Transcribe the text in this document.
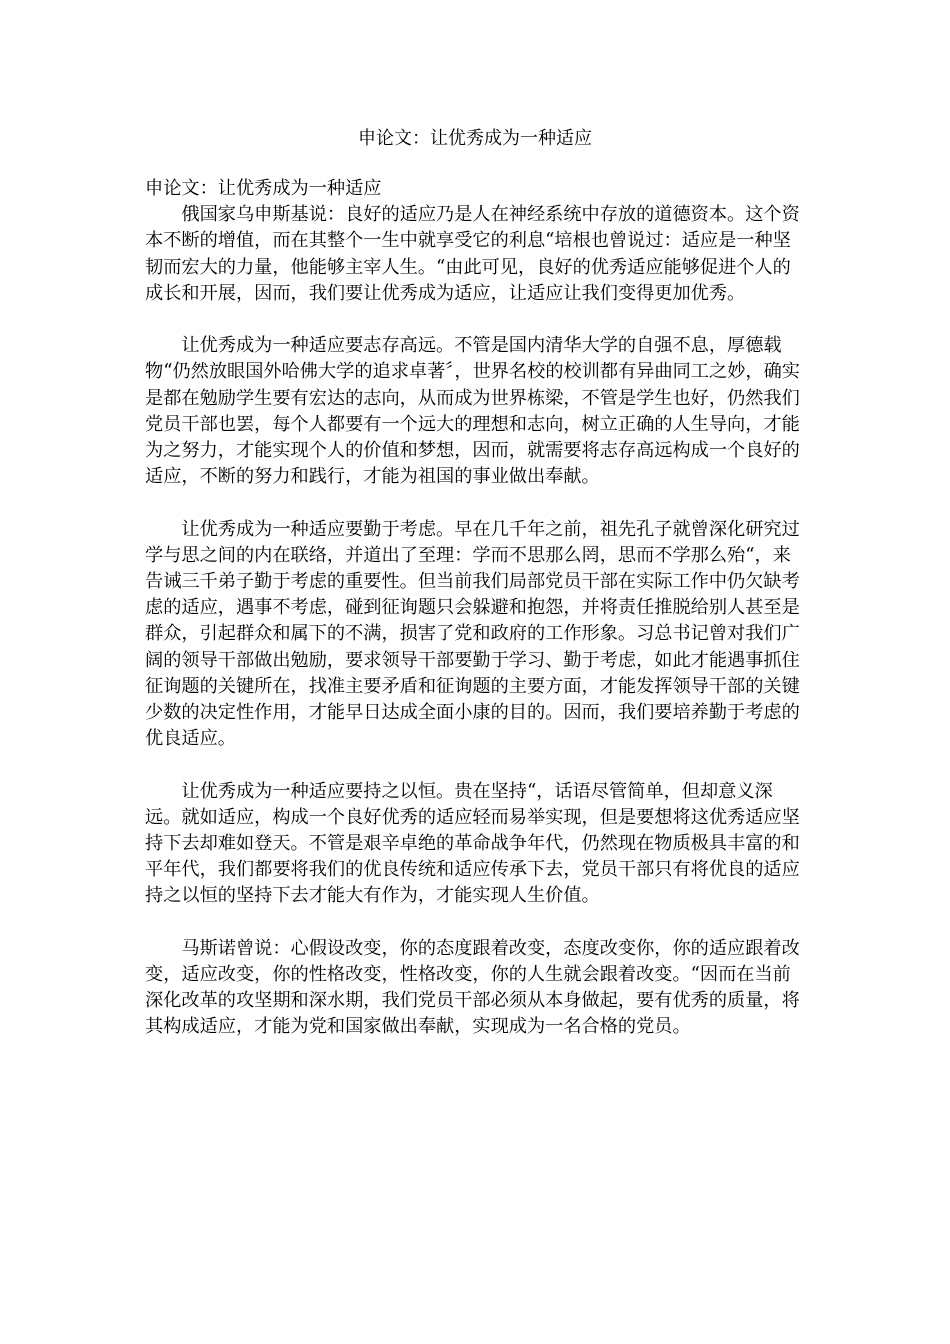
申论文：让优秀成为一种适应

申论文：让优秀成为一种适应

俄国家乌申斯基说：良好的适应乃是人在神经系统中存放的道德资本。这个资本不断的增值，而在其整个一生中就享受它的利息“培根也曾说过：适应是一种坚韧而宏大的力量，他能够主宰人生。“由此可见，良好的优秀适应能够促进个人的成长和开展，因而，我们要让优秀成为适应，让适应让我们变得更加优秀。

让优秀成为一种适应要志存高远。不管是国内清华大学的自强不息，厚德载物“仍然放眼国外哈佛大学的追求卓著〞，世界名校的校训都有异曲同工之妙，确实是都在勉励学生要有宏达的志向，从而成为世界栋梁，不管是学生也好，仍然我们党员干部也罢，每个人都要有一个远大的理想和志向，树立正确的人生导向，才能为之努力，才能实现个人的价值和梦想，因而，就需要将志存高远构成一个良好的适应，不断的努力和践行，才能为祖国的事业做出奉献。

让优秀成为一种适应要勤于考虑。早在几千年之前，祖先孔子就曾深化研究过学与思之间的内在联络，并道出了至理：学而不思那么罔，思而不学那么殆“，来告诫三千弟子勤于考虑的重要性。但当前我们局部党员干部在实际工作中仍欠缺考虑的适应，遇事不考虑，碰到征询题只会躲避和抱怨，并将责任推脱给别人甚至是群众，引起群众和属下的不满，损害了党和政府的工作形象。习总书记曾对我们广阔的领导干部做出勉励，要求领导干部要勤于学习、勤于考虑，如此才能遇事抓住征询题的关键所在，找准主要矛盾和征询题的主要方面，才能发挥领导干部的关键少数的决定性作用，才能早日达成全面小康的目的。因而，我们要培养勤于考虑的优良适应。

让优秀成为一种适应要持之以恒。贵在坚持“，话语尽管简单，但却意义深远。就如适应，构成一个良好优秀的适应轻而易举实现，但是要想将这优秀适应坚持下去却难如登天。不管是艰辛卓绝的革命战争年代，仍然现在物质极具丰富的和平年代，我们都要将我们的优良传统和适应传承下去，党员干部只有将优良的适应持之以恒的坚持下去才能大有作为，才能实现人生价值。

马斯诺曾说：心假设改变，你的态度跟着改变，态度改变你，你的适应跟着改变，适应改变，你的性格改变，性格改变，你的人生就会跟着改变。“因而在当前深化改革的攻坚期和深水期，我们党员干部必须从本身做起，要有优秀的质量，将其构成适应，才能为党和国家做出奉献，实现成为一名合格的党员。
